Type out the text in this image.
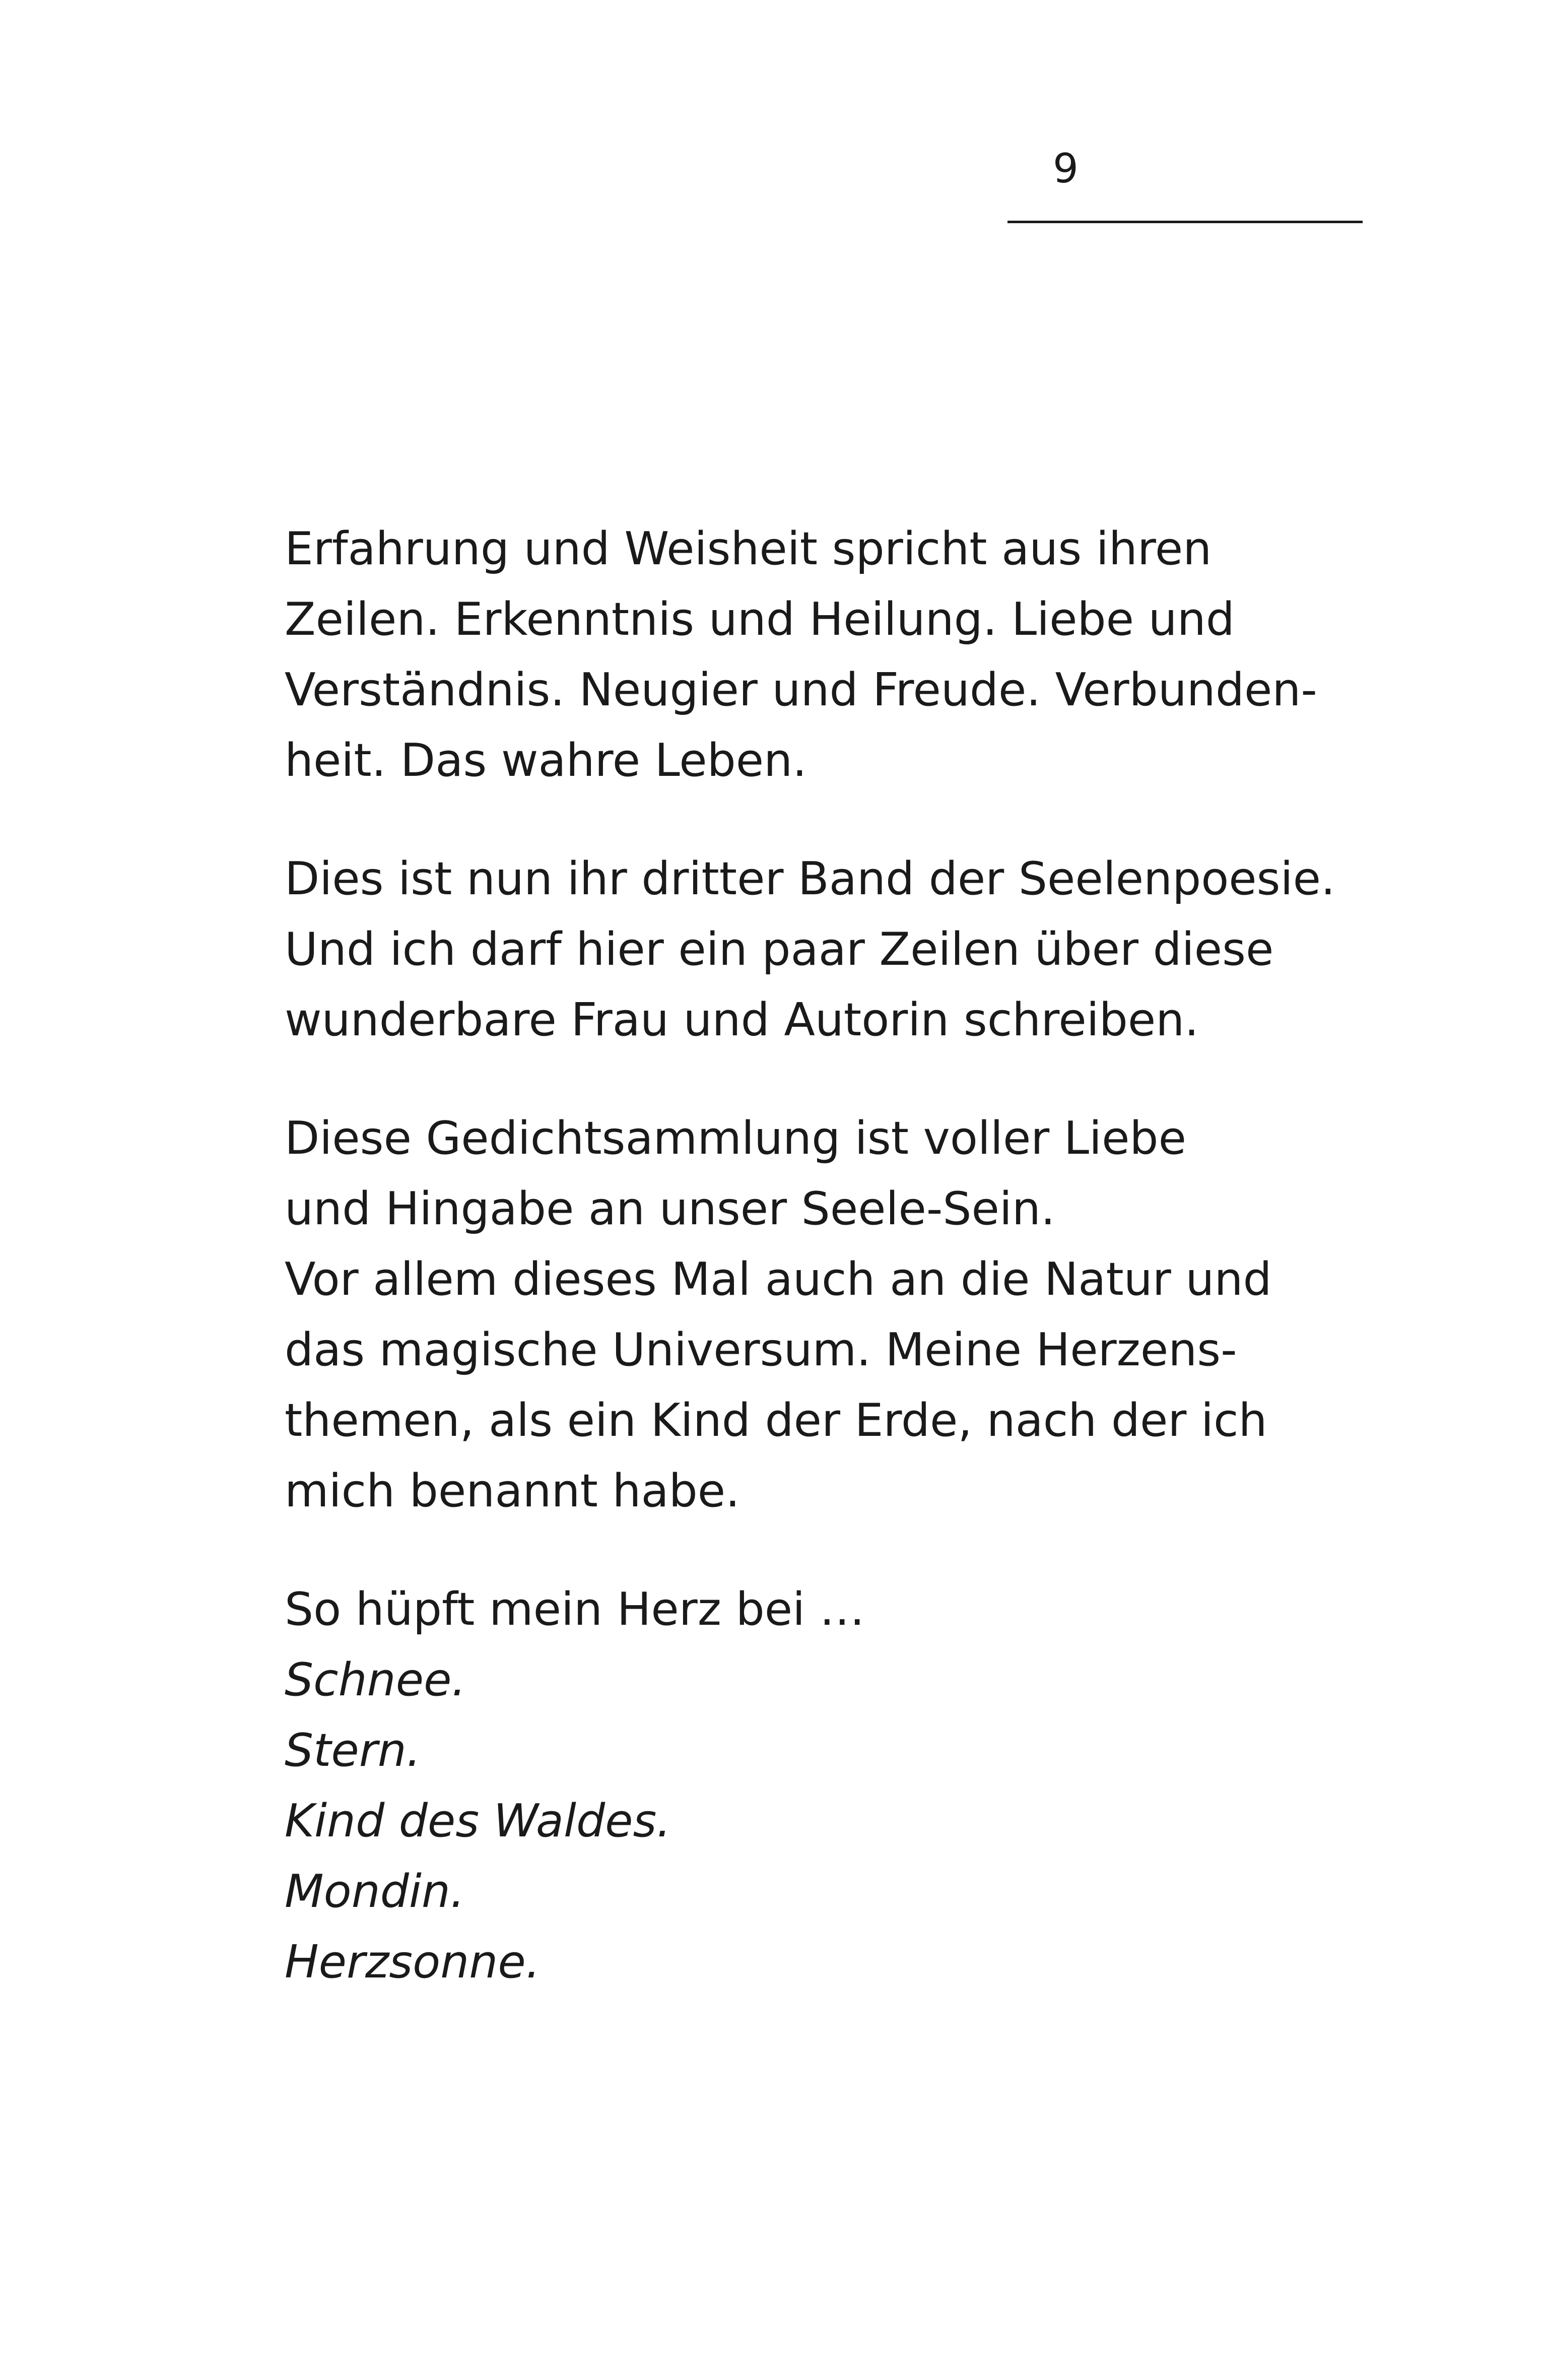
9
Erfahrung und Weisheit spricht aus ihren
Zeilen. Erkenntnis und Heilung. Liebe und
Verständnis. Neugier und Freude. Verbunden-
heit. Das wahre Leben.
Dies ist nun ihr dritter Band der Seelenpoesie.
Und ich darf hier ein paar Zeilen über diese
wunderbare Frau und Autorin schreiben.
Diese Gedichtsammlung ist voller Liebe
und Hingabe an unser Seele-Sein.
Vor allem dieses Mal auch an die Natur und
das magische Universum. Meine Herzens-
themen, als ein Kind der Erde, nach der ich
mich benannt habe.
So hüpft mein Herz bei …
Schnee.
Stern.
Kind des Waldes.
Mondin.
Herzsonne.
